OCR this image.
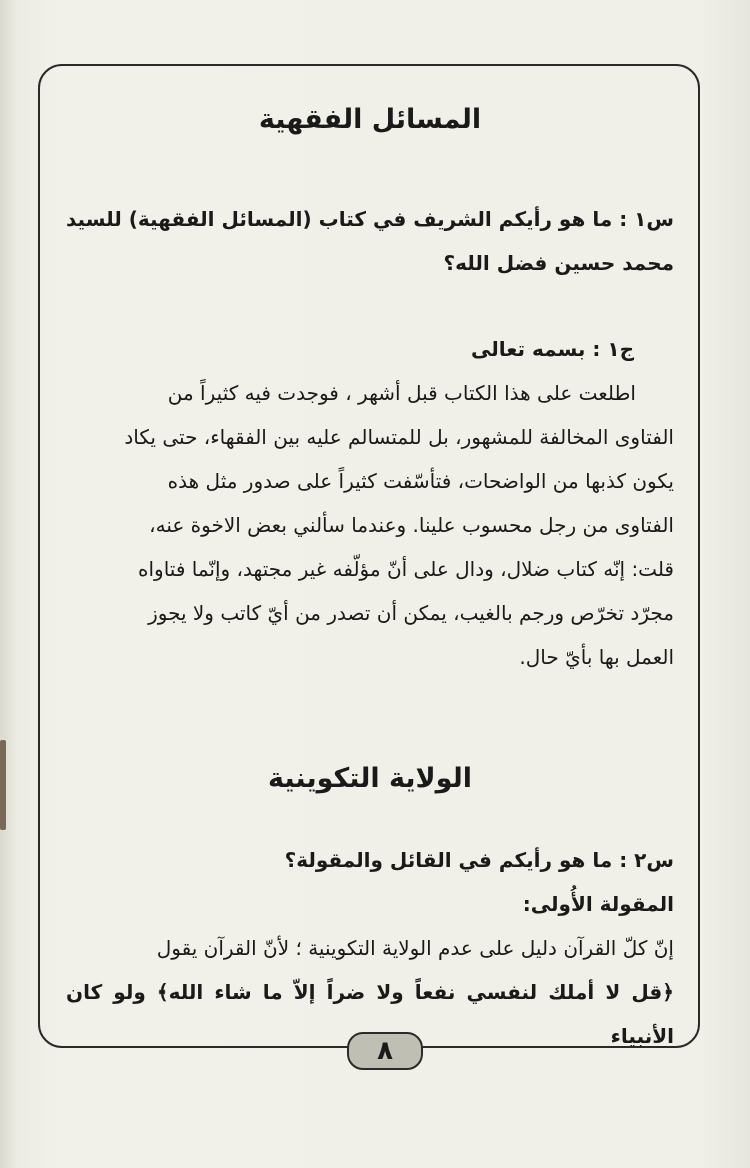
المسائل الفقهية

س١ : ما هو رأيكم الشريف في كتاب (المسائل الفقهية) للسيد محمد حسين فضل الله؟

ج١ : بسمه تعالى

اطلعت على هذا الكتاب قبل أشهر ، فوجدت فيه كثيراً من

الفتاوى المخالفة للمشهور، بل للمتسالم عليه بين الفقهاء، حتى يكاد

يكون كذبها من الواضحات، فتأسّفت كثيراً على صدور مثل هذه

الفتاوى من رجل محسوب علينا. وعندما سألني بعض الاخوة عنه،

قلت: إنّه كتاب ضلال، ودال على أنّ مؤلّفه غير مجتهد، وإنّما فتاواه

مجرّد تخرّص ورجم بالغيب، يمكن أن تصدر من أيّ كاتب ولا يجوز

العمل بها بأيّ حال.

الولاية التكوينية

س٢ : ما هو رأيكم في القائل والمقولة؟

المقولة الأُولى:

إنّ كلّ القرآن دليل على عدم الولاية التكوينية ؛ لأنّ القرآن يقول

﴿قل لا أملك لنفسي نفعاً ولا ضراً إلاّ ما شاء الله﴾ ولو كان الأنبياء

٨
